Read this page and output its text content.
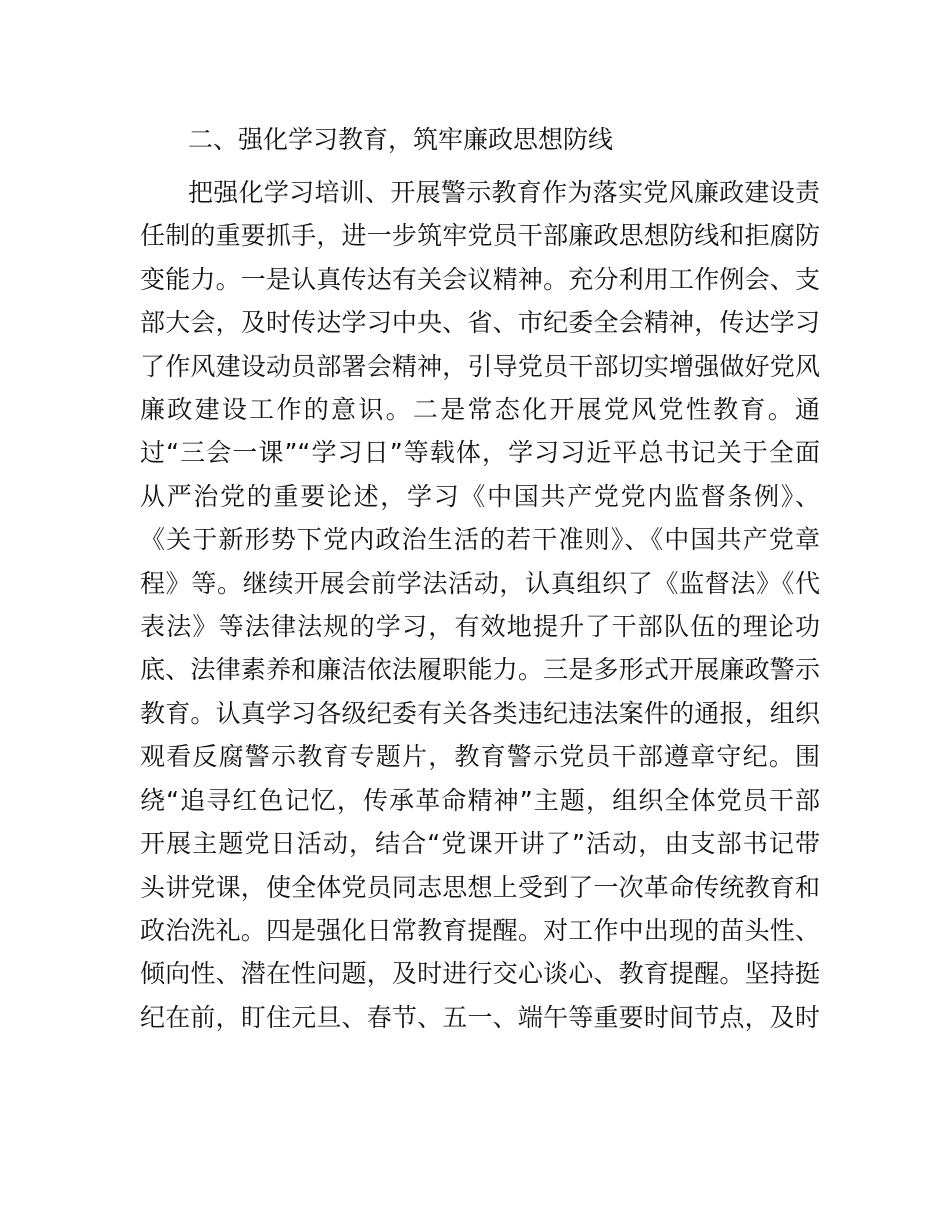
二、强化学习教育，筑牢廉政思想防线
把强化学习培训、开展警示教育作为落实党风廉政建设责
任制的重要抓手，进一步筑牢党员干部廉政思想防线和拒腐防
变能力。一是认真传达有关会议精神。充分利用工作例会、支
部大会，及时传达学习中央、省、市纪委全会精神，传达学习
了作风建设动员部署会精神，引导党员干部切实增强做好党风
廉政建设工作的意识。二是常态化开展党风党性教育。通
过“三会一课”“学习日”等载体，学习习近平总书记关于全面
从严治党的重要论述，学习《中国共产党党内监督条例》、
《关于新形势下党内政治生活的若干准则》、《中国共产党章
程》等。继续开展会前学法活动，认真组织了《监督法》《代
表法》等法律法规的学习，有效地提升了干部队伍的理论功
底、法律素养和廉洁依法履职能力。三是多形式开展廉政警示
教育。认真学习各级纪委有关各类违纪违法案件的通报，组织
观看反腐警示教育专题片，教育警示党员干部遵章守纪。围
绕“追寻红色记忆，传承革命精神”主题，组织全体党员干部
开展主题党日活动，结合“党课开讲了”活动，由支部书记带
头讲党课，使全体党员同志思想上受到了一次革命传统教育和
政治洗礼。四是强化日常教育提醒。对工作中出现的苗头性、
倾向性、潜在性问题，及时进行交心谈心、教育提醒。坚持挺
纪在前，盯住元旦、春节、五一、端午等重要时间节点，及时
